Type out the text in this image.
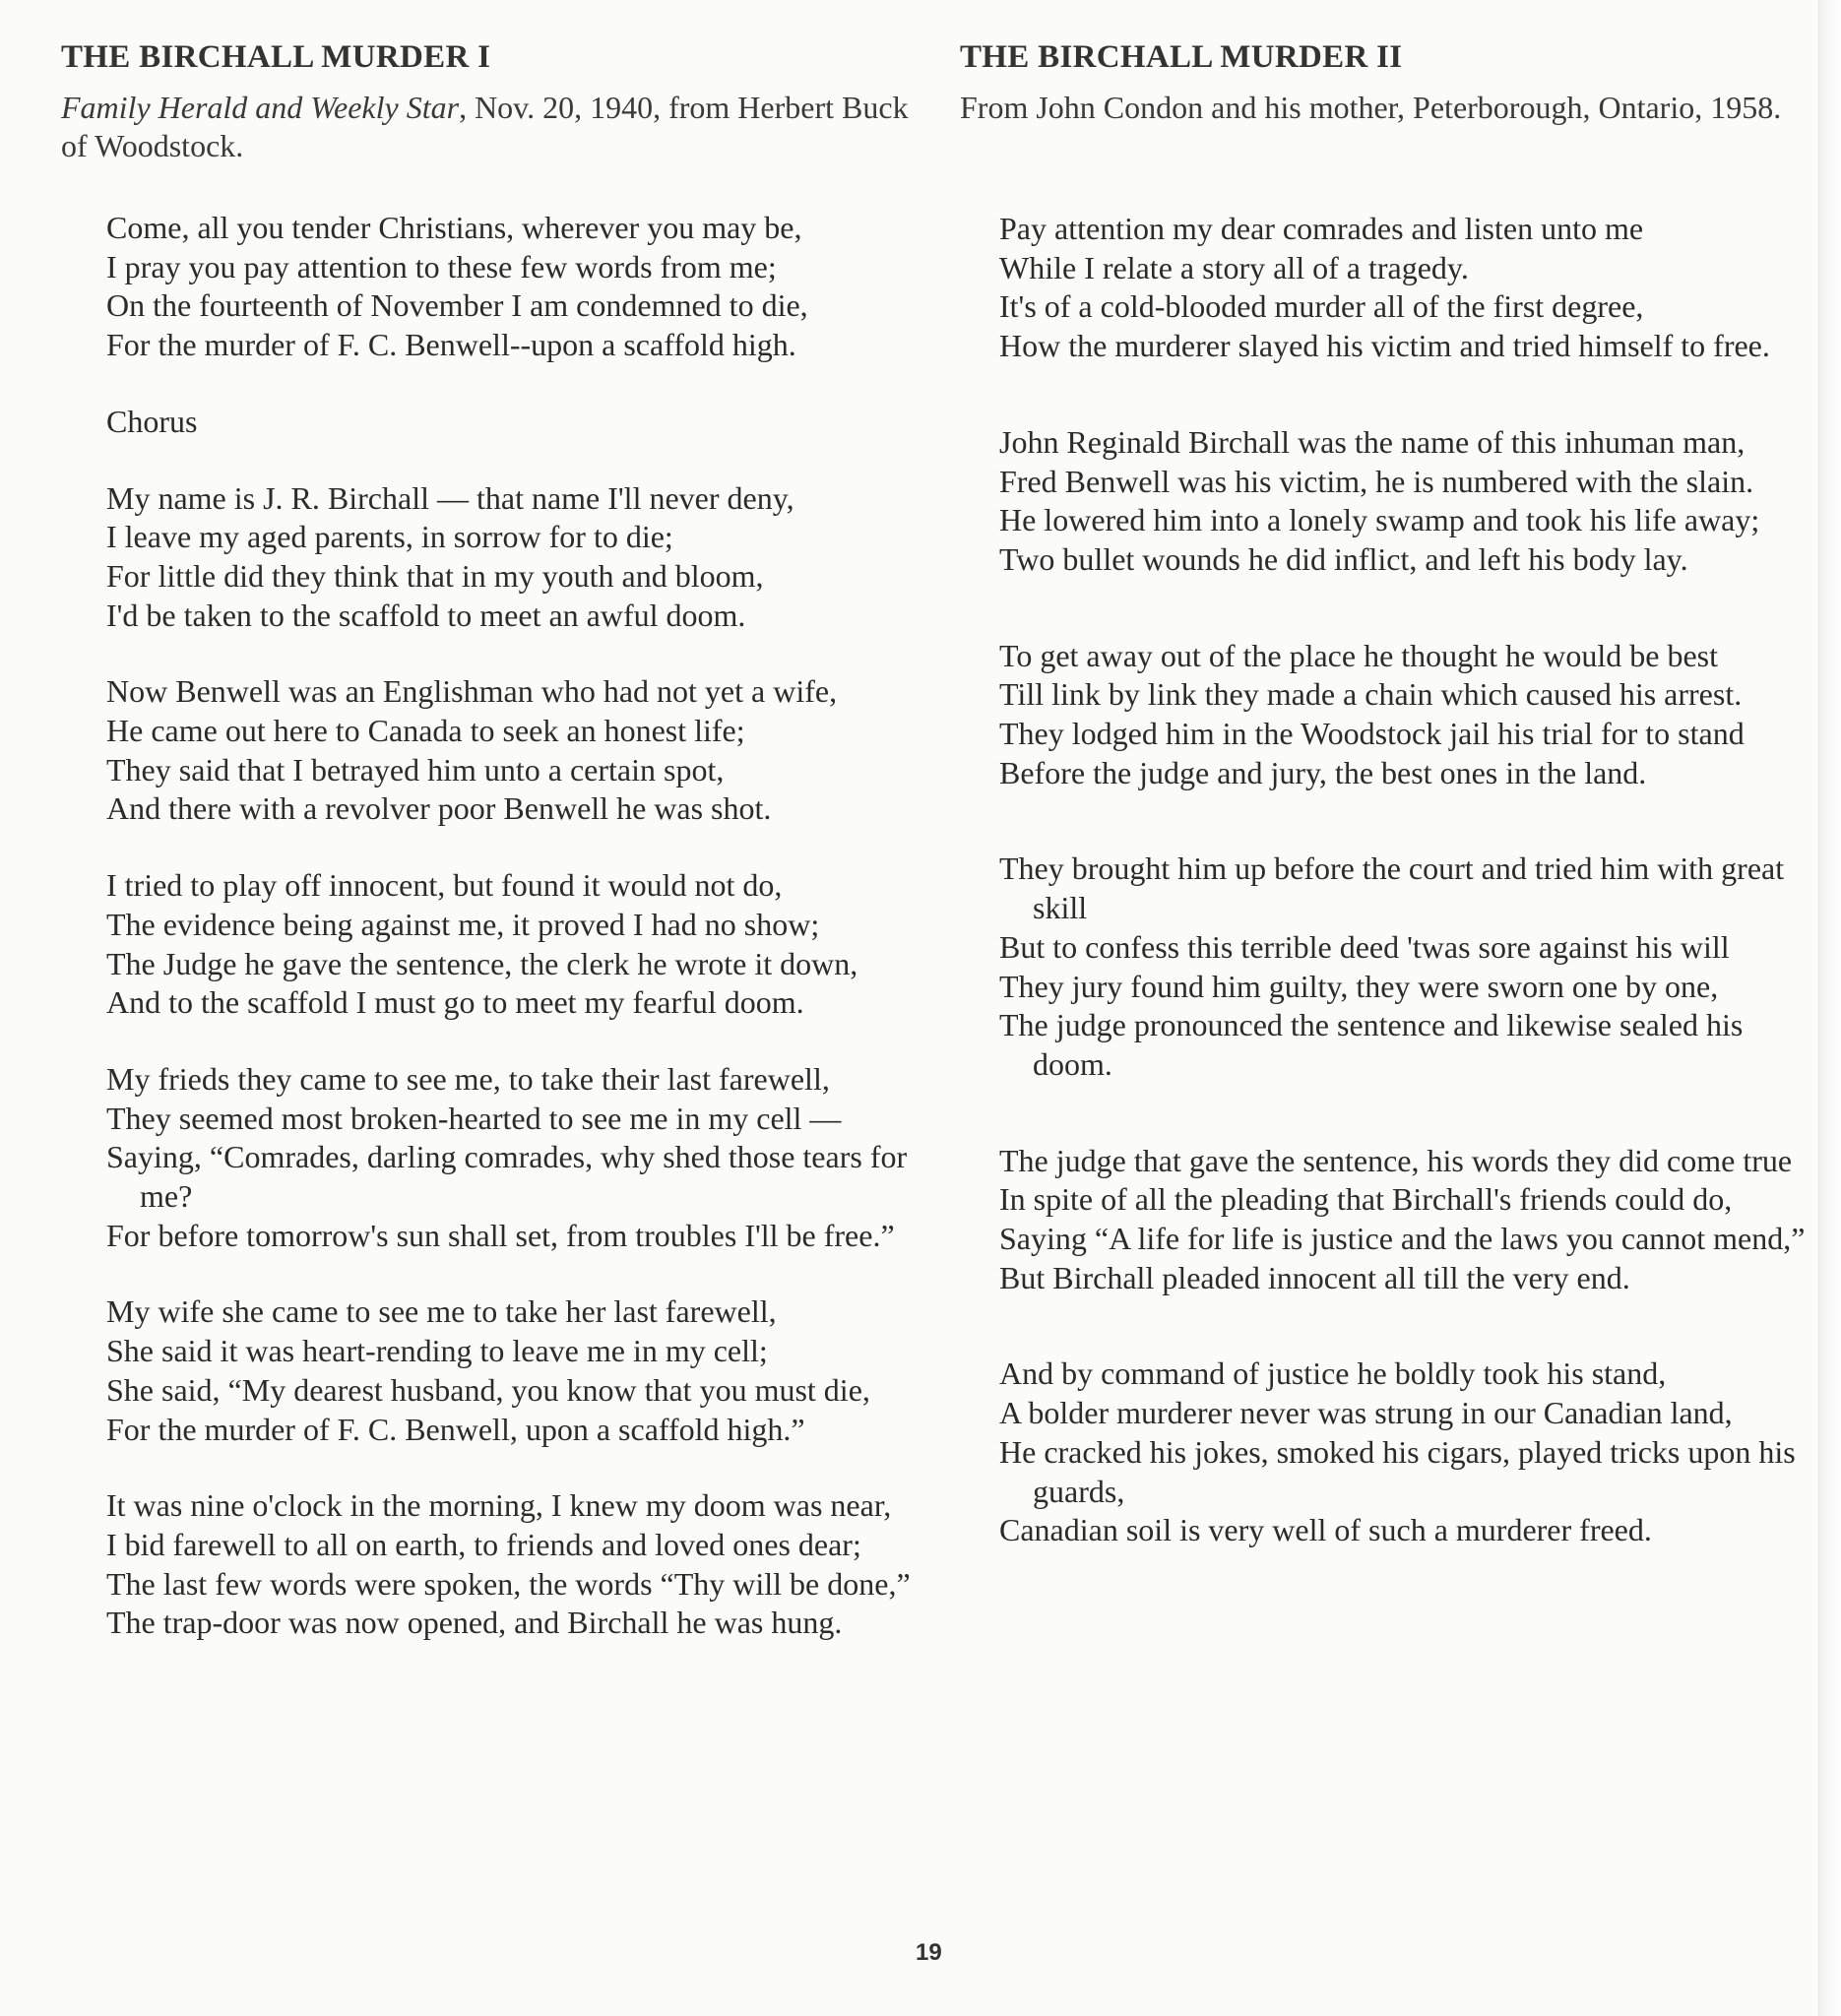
THE BIRCHALL MURDER I

Family Herald and Weekly Star, Nov. 20, 1940, from Herbert Buck of Woodstock.

Come, all you tender Christians, wherever you may be,
I pray you pay attention to these few words from me;
On the fourteenth of November I am condemned to die,
For the murder of F. C. Benwell--upon a scaffold high.
Chorus
My name is J. R. Birchall — that name I'll never deny,
I leave my aged parents, in sorrow for to die;
For little did they think that in my youth and bloom,
I'd be taken to the scaffold to meet an awful doom.
Now Benwell was an Englishman who had not yet a wife,
He came out here to Canada to seek an honest life;
They said that I betrayed him unto a certain spot,
And there with a revolver poor Benwell he was shot.
I tried to play off innocent, but found it would not do,
The evidence being against me, it proved I had no show;
The Judge he gave the sentence, the clerk he wrote it down,
And to the scaffold I must go to meet my fearful doom.
My frieds they came to see me, to take their last farewell,
They seemed most broken-hearted to see me in my cell —
Saying, “Comrades, darling comrades, why shed those tears for me?
For before tomorrow's sun shall set, from troubles I'll be free.”
My wife she came to see me to take her last farewell,
She said it was heart-rending to leave me in my cell;
She said, “My dearest husband, you know that you must die,
For the murder of F. C. Benwell, upon a scaffold high.”
It was nine o'clock in the morning, I knew my doom was near,
I bid farewell to all on earth, to friends and loved ones dear;
The last few words were spoken, the words “Thy will be done,”
The trap-door was now opened, and Birchall he was hung.
THE BIRCHALL MURDER II

From John Condon and his mother, Peterborough, Ontario, 1958.

Pay attention my dear comrades and listen unto me
While I relate a story all of a tragedy.
It's of a cold-blooded murder all of the first degree,
How the murderer slayed his victim and tried himself to free.
John Reginald Birchall was the name of this inhuman man,
Fred Benwell was his victim, he is numbered with the slain.
He lowered him into a lonely swamp and took his life away;
Two bullet wounds he did inflict, and left his body lay.
To get away out of the place he thought he would be best
Till link by link they made a chain which caused his arrest.
They lodged him in the Woodstock jail his trial for to stand
Before the judge and jury, the best ones in the land.
They brought him up before the court and tried him with great skill
But to confess this terrible deed 'twas sore against his will
They jury found him guilty, they were sworn one by one,
The judge pronounced the sentence and likewise sealed his doom.
The judge that gave the sentence, his words they did come true
In spite of all the pleading that Birchall's friends could do,
Saying “A life for life is justice and the laws you cannot mend,”
But Birchall pleaded innocent all till the very end.
And by command of justice he boldly took his stand,
A bolder murderer never was strung in our Canadian land,
He cracked his jokes, smoked his cigars, played tricks upon his guards,
Canadian soil is very well of such a murderer freed.
19
